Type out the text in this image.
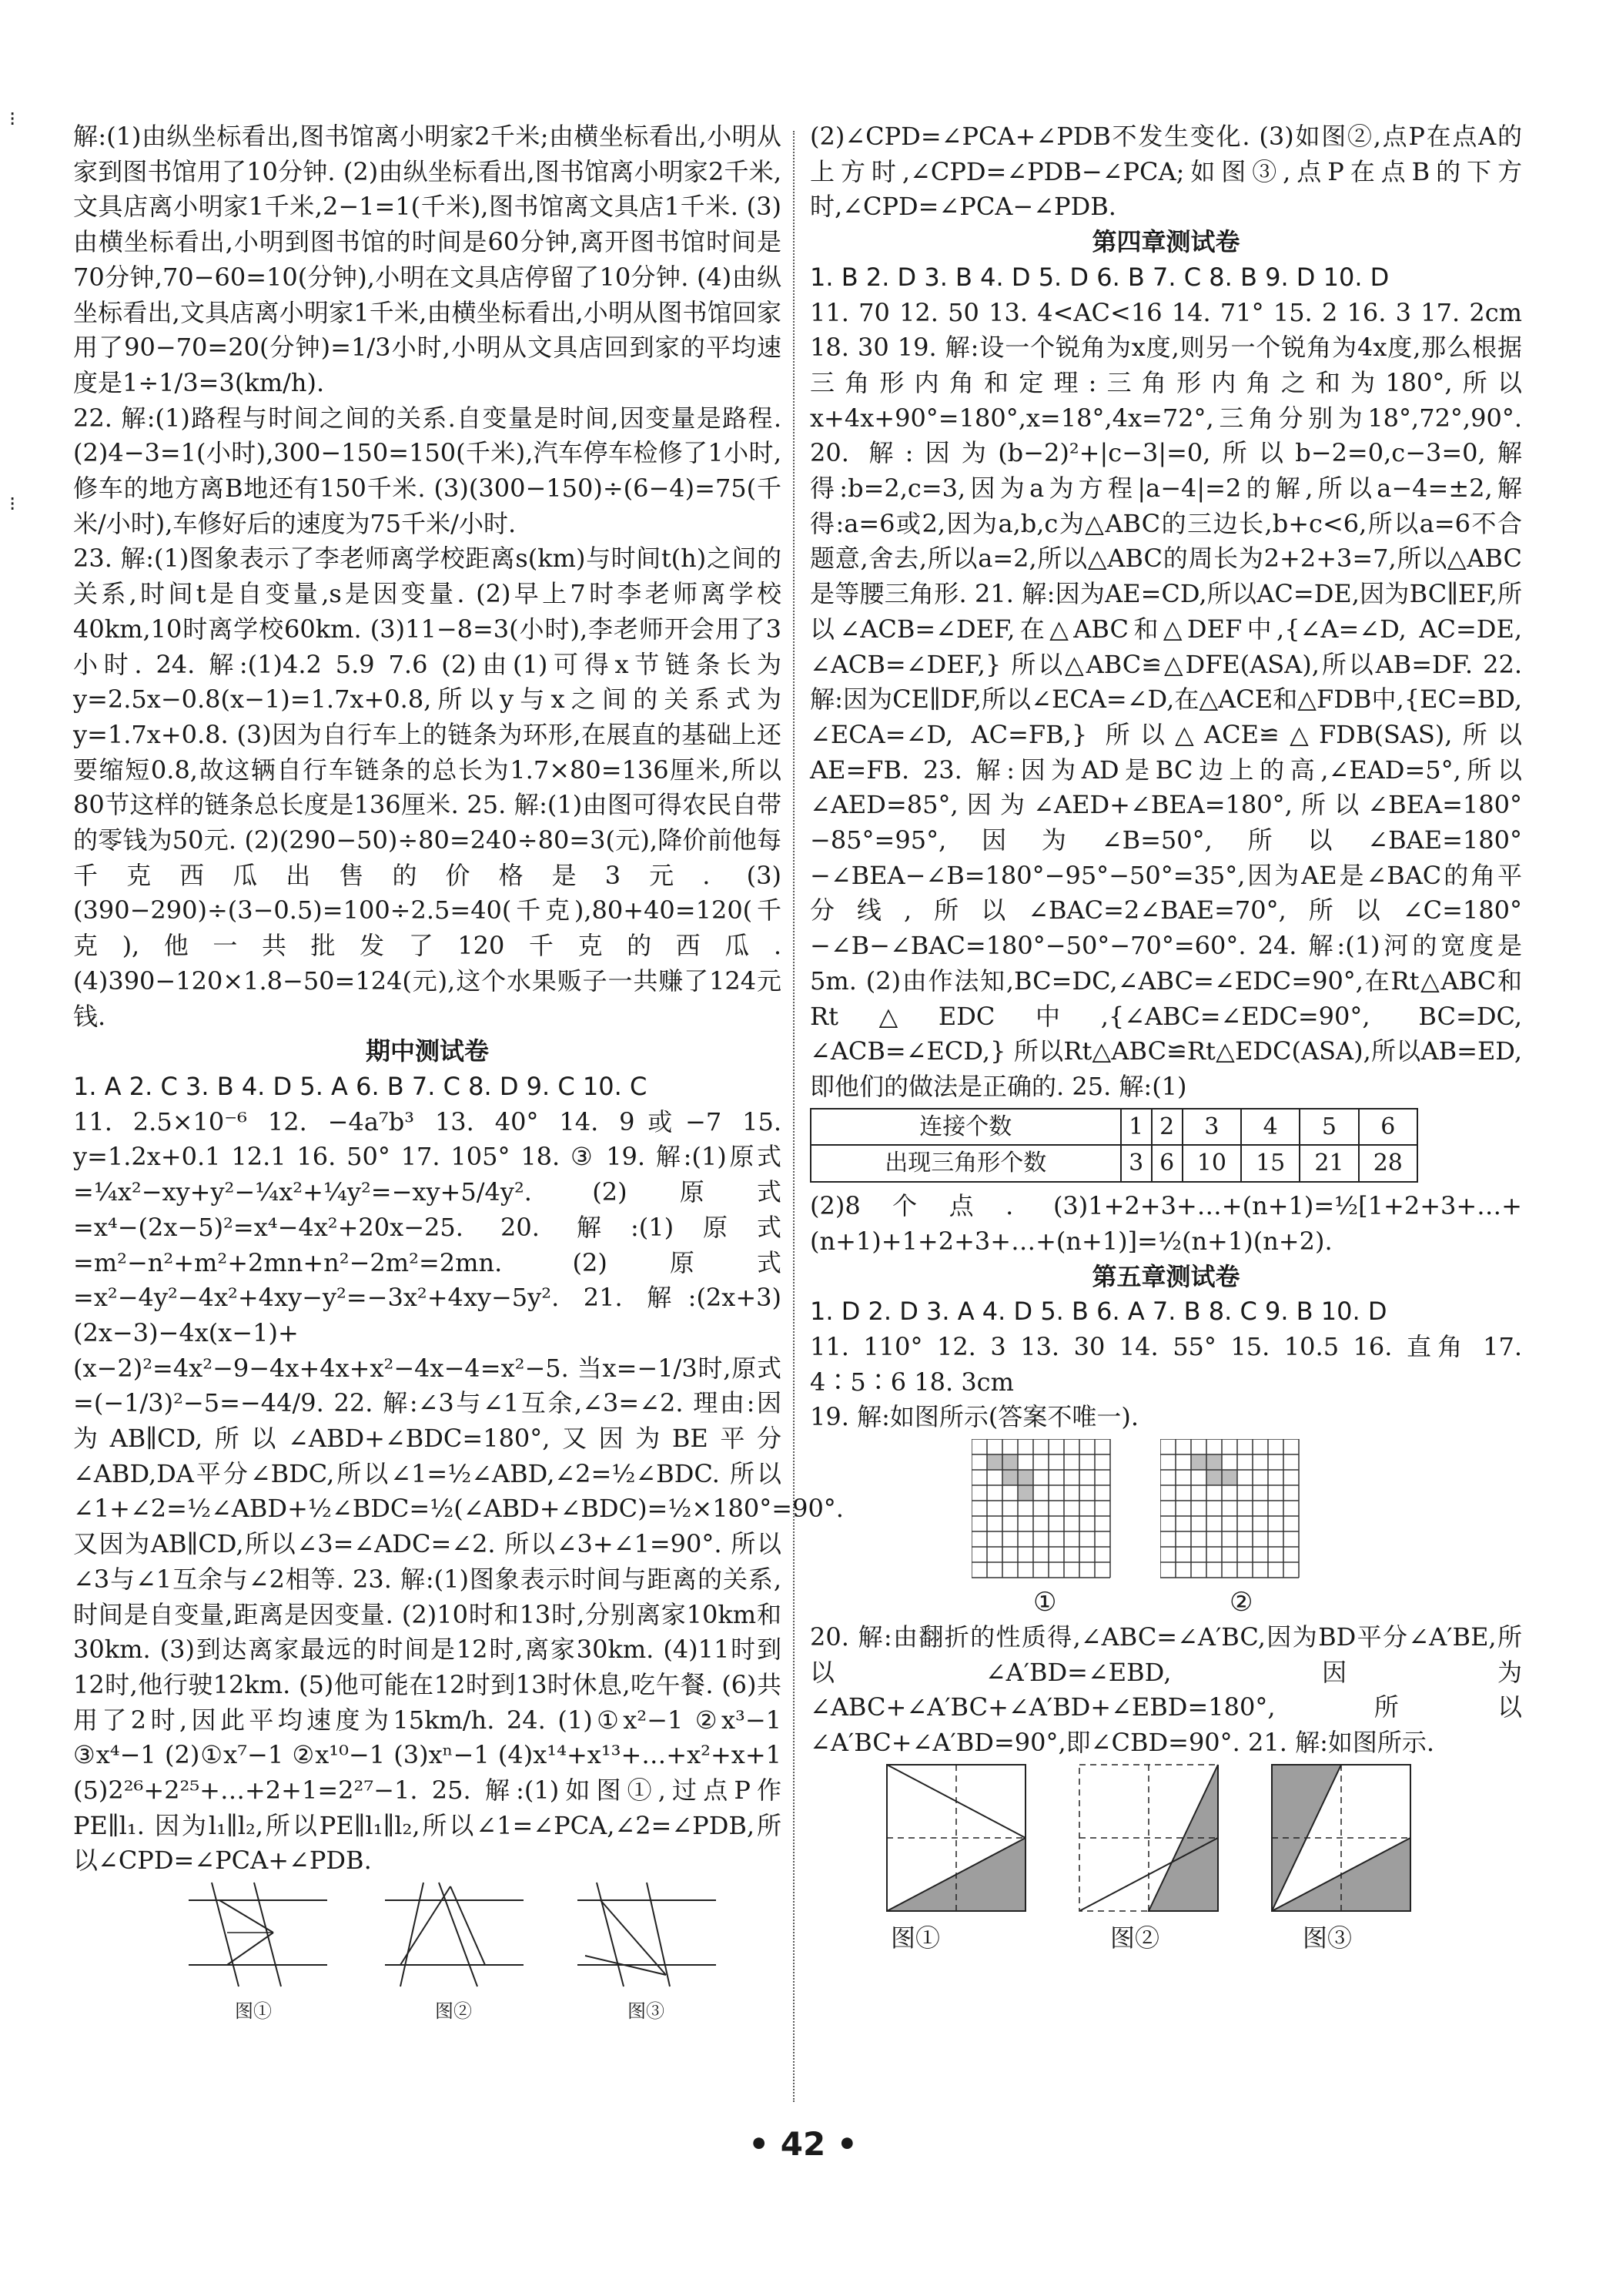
⁝
⁝

解:(1)由纵坐标看出,图书馆离小明家2千米;由横坐标看出,小明从家到图书馆用了10分钟. (2)由纵坐标看出,图书馆离小明家2千米,文具店离小明家1千米,2−1=1(千米),图书馆离文具店1千米. (3)由横坐标看出,小明到图书馆的时间是60分钟,离开图书馆时间是70分钟,70−60=10(分钟),小明在文具店停留了10分钟. (4)由纵坐标看出,文具店离小明家1千米,由横坐标看出,小明从图书馆回家用了90−70=20(分钟)=1/3小时,小明从文具店回到家的平均速度是1÷1/3=3(km/h).

22. 解:(1)路程与时间之间的关系.自变量是时间,因变量是路程. (2)4−3=1(小时),300−150=150(千米),汽车停车检修了1小时,修车的地方离B地还有150千米. (3)(300−150)÷(6−4)=75(千米/小时),车修好后的速度为75千米/小时.

23. 解:(1)图象表示了李老师离学校距离s(km)与时间t(h)之间的关系,时间t是自变量,s是因变量. (2)早上7时李老师离学校40km,10时离学校60km. (3)11−8=3(小时),李老师开会用了3小时. 24. 解:(1)4.2 5.9 7.6 (2)由(1)可得x节链条长为y=2.5x−0.8(x−1)=1.7x+0.8,所以y与x之间的关系式为y=1.7x+0.8. (3)因为自行车上的链条为环形,在展直的基础上还要缩短0.8,故这辆自行车链条的总长为1.7×80=136厘米,所以80节这样的链条总长度是136厘米. 25. 解:(1)由图可得农民自带的零钱为50元. (2)(290−50)÷80=240÷80=3(元),降价前他每千克西瓜出售的价格是3元. (3)(390−290)÷(3−0.5)=100÷2.5=40(千克),80+40=120(千克),他一共批发了120千克的西瓜. (4)390−120×1.8−50=124(元),这个水果贩子一共赚了124元钱.

期中测试卷

1. A 2. C 3. B 4. D 5. A 6. B 7. C 8. D 9. C 10. C

11. 2.5×10⁻⁶ 12. −4a⁷b³ 13. 40° 14. 9或−7 15. y=1.2x+0.1 12.1 16. 50° 17. 105° 18. ③ 19. 解:(1)原式=¼x²−xy+y²−¼x²+¼y²=−xy+5/4y². (2)原式=x⁴−(2x−5)²=x⁴−4x²+20x−25. 20. 解:(1)原式=m²−n²+m²+2mn+n²−2m²=2mn. (2)原式=x²−4y²−4x²+4xy−y²=−3x²+4xy−5y². 21. 解:(2x+3)(2x−3)−4x(x−1)+(x−2)²=4x²−9−4x+4x+x²−4x−4=x²−5. 当x=−1/3时,原式=(−1/3)²−5=−44/9. 22. 解:∠3与∠1互余,∠3=∠2. 理由:因为AB∥CD,所以∠ABD+∠BDC=180°,又因为BE平分∠ABD,DA平分∠BDC,所以∠1=½∠ABD,∠2=½∠BDC. 所以∠1+∠2=½∠ABD+½∠BDC=½(∠ABD+∠BDC)=½×180°=90°. 又因为AB∥CD,所以∠3=∠ADC=∠2. 所以∠3+∠1=90°. 所以∠3与∠1互余与∠2相等. 23. 解:(1)图象表示时间与距离的关系,时间是自变量,距离是因变量. (2)10时和13时,分别离家10km和30km. (3)到达离家最远的时间是12时,离家30km. (4)11时到12时,他行驶12km. (5)他可能在12时到13时休息,吃午餐. (6)共用了2时,因此平均速度为15km/h. 24. (1)①x²−1 ②x³−1 ③x⁴−1 (2)①x⁷−1 ②x¹⁰−1 (3)xⁿ−1 (4)x¹⁴+x¹³+…+x²+x+1 (5)2²⁶+2²⁵+…+2+1=2²⁷−1. 25. 解:(1)如图①,过点P作PE∥l₁. 因为l₁∥l₂,所以PE∥l₁∥l₂,所以∠1=∠PCA,∠2=∠PDB,所以∠CPD=∠PCA+∠PDB.

图①	图②	图③

(2)∠CPD=∠PCA+∠PDB不发生变化. (3)如图②,点P在点A的上方时,∠CPD=∠PDB−∠PCA;如图③,点P在点B的下方时,∠CPD=∠PCA−∠PDB.

第四章测试卷

1. B 2. D 3. B 4. D 5. D 6. B 7. C 8. B 9. D 10. D

11. 70 12. 50 13. 4<AC<16 14. 71° 15. 2 16. 3 17. 2cm 18. 30 19. 解:设一个锐角为x度,则另一个锐角为4x度,那么根据三角形内角和定理:三角形内角之和为180°,所以x+4x+90°=180°,x=18°,4x=72°,三角分别为18°,72°,90°. 20. 解:因为(b−2)²+|c−3|=0,所以b−2=0,c−3=0,解得:b=2,c=3,因为a为方程|a−4|=2的解,所以a−4=±2,解得:a=6或2,因为a,b,c为△ABC的三边长,b+c<6,所以a=6不合题意,舍去,所以a=2,所以△ABC的周长为2+2+3=7,所以△ABC是等腰三角形. 21. 解:因为AE=CD,所以AC=DE,因为BC∥EF,所以∠ACB=∠DEF,在△ABC和△DEF中,{∠A=∠D, AC=DE, ∠ACB=∠DEF,} 所以△ABC≌△DFE(ASA),所以AB=DF. 22. 解:因为CE∥DF,所以∠ECA=∠D,在△ACE和△FDB中,{EC=BD, ∠ECA=∠D, AC=FB,} 所以△ACE≌△FDB(SAS),所以AE=FB. 23. 解:因为AD是BC边上的高,∠EAD=5°,所以∠AED=85°,因为∠AED+∠BEA=180°,所以∠BEA=180°−85°=95°,因为∠B=50°,所以∠BAE=180°−∠BEA−∠B=180°−95°−50°=35°,因为AE是∠BAC的角平分线,所以∠BAC=2∠BAE=70°,所以∠C=180°−∠B−∠BAC=180°−50°−70°=60°. 24. 解:(1)河的宽度是5m. (2)由作法知,BC=DC,∠ABC=∠EDC=90°,在Rt△ABC和Rt△EDC中,{∠ABC=∠EDC=90°, BC=DC, ∠ACB=∠ECD,} 所以Rt△ABC≌Rt△EDC(ASA),所以AB=ED,即他们的做法是正确的. 25. 解:(1)

连接个数	1	2	3	4	5	6
出现三角形个数	3	6	10	15	21	28

(2)8个点. (3)1+2+3+…+(n+1)=½[1+2+3+…+(n+1)+1+2+3+…+(n+1)]=½(n+1)(n+2).

第五章测试卷

1. D 2. D 3. A 4. D 5. B 6. A 7. B 8. C 9. B 10. D

11. 110° 12. 3 13. 30 14. 55° 15. 10.5 16. 直角 17. 4∶5∶6 18. 3cm

19. 解:如图所示(答案不唯一).

①	②

20. 解:由翻折的性质得,∠ABC=∠A′BC,因为BD平分∠A′BE,所以∠A′BD=∠EBD,因为∠ABC+∠A′BC+∠A′BD+∠EBD=180°,所以∠A′BC+∠A′BD=90°,即∠CBD=90°. 21. 解:如图所示.

图①	图②	图③
• 42 •
